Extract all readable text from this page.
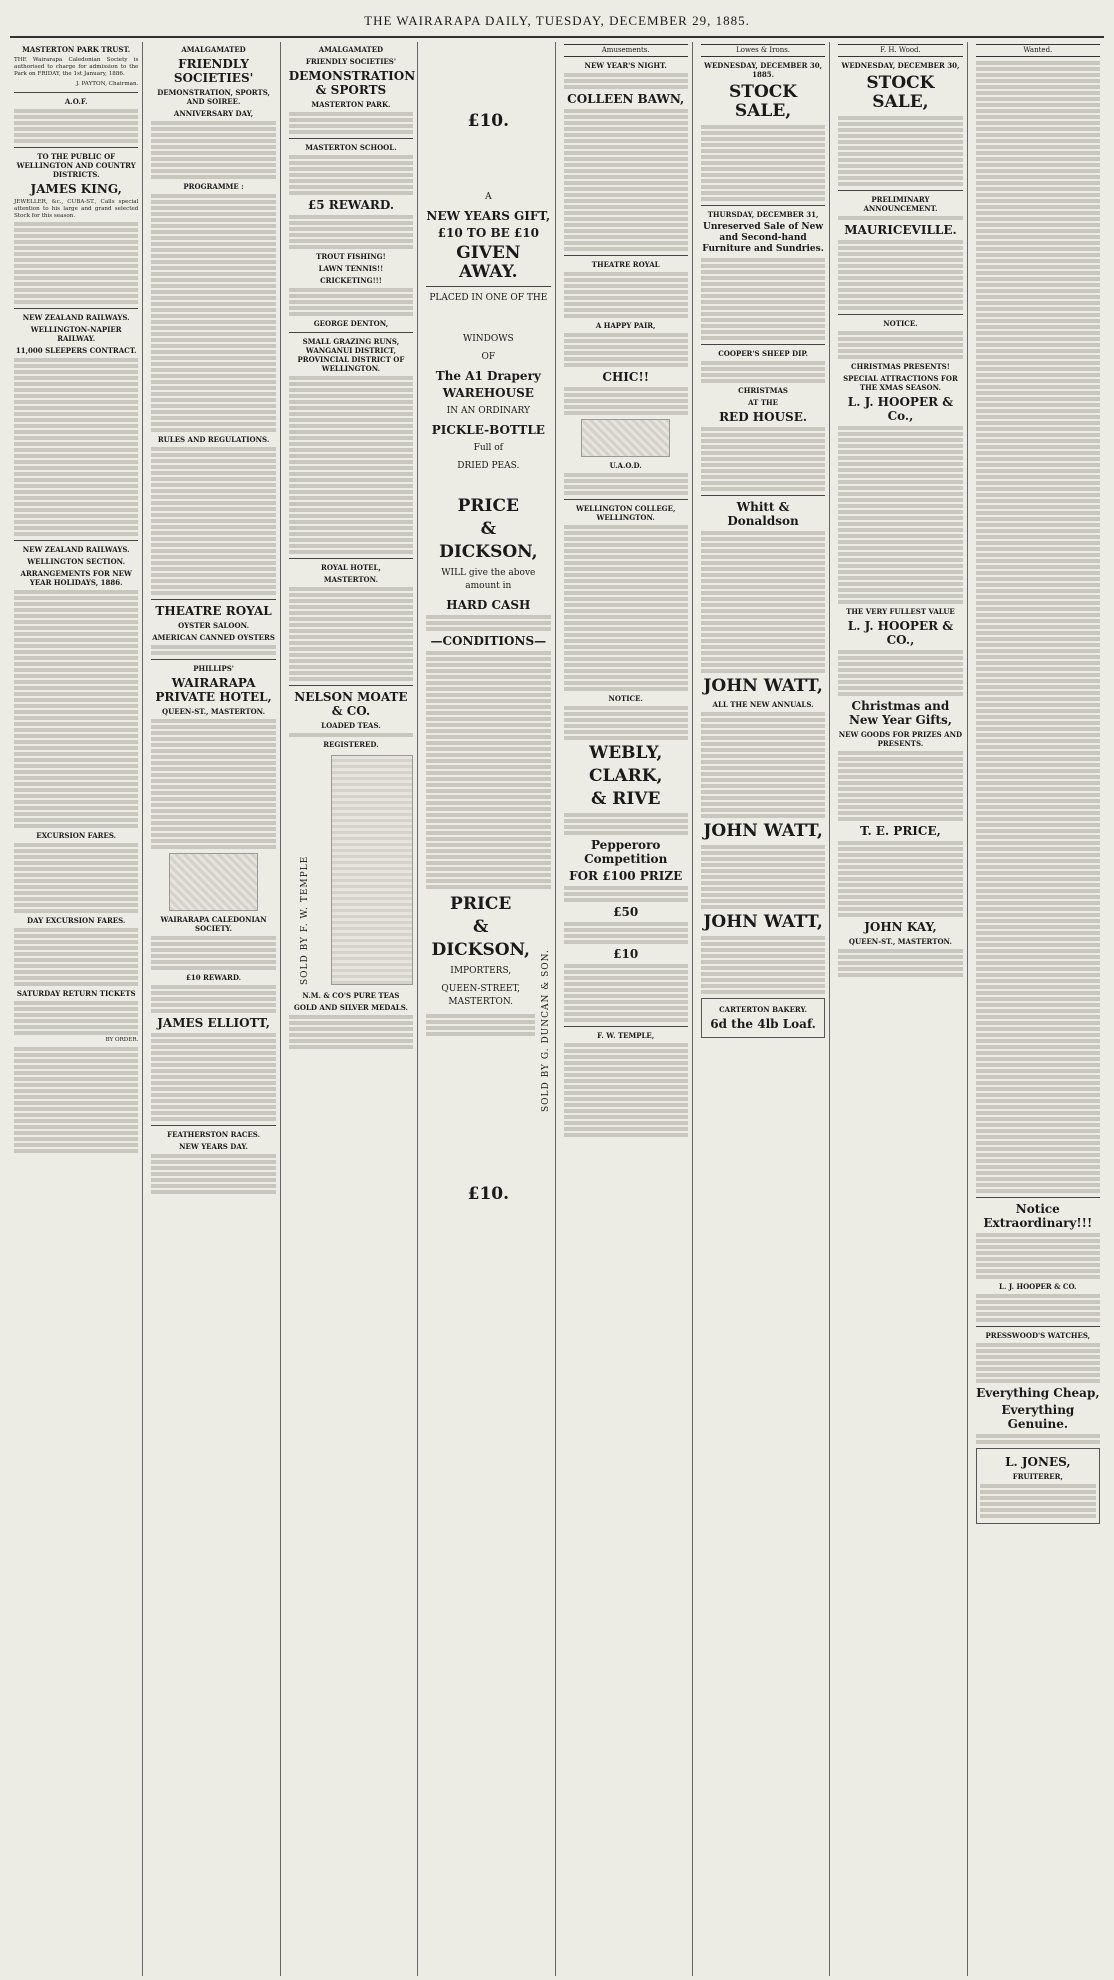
THE WAIRARAPA DAILY, TUESDAY, DECEMBER 29, 1885.
MASTERTON PARK TRUST.
THE Wairarapa Caledonian Society is authorised to charge for admission to the Park on FRIDAY, the 1st January, 1886.
J. PAYTON, Chairman.
A.O.F.
TO THE PUBLIC OF WELLINGTON AND COUNTRY DISTRICTS.
JAMES KING,
JEWELLER, &c., CUBA-ST., Calls special attention to his large and grand selected Stock for this season.
NEW ZEALAND RAILWAYS.
WELLINGTON-NAPIER RAILWAY.
11,000 SLEEPERS CONTRACT.
NEW ZEALAND RAILWAYS.
WELLINGTON SECTION.
ARRANGEMENTS FOR NEW YEAR HOLIDAYS, 1886.
EXCURSION FARES.
DAY EXCURSION FARES.
SATURDAY RETURN TICKETS
BY ORDER.
AMALGAMATED
FRIENDLY SOCIETIES'
DEMONSTRATION, SPORTS, AND SOIREE.
ANNIVERSARY DAY,
PROGRAMME :
RULES AND REGULATIONS.
THEATRE ROYAL
OYSTER SALOON.
AMERICAN CANNED OYSTERS
PHILLIPS'
WAIRARAPA PRIVATE HOTEL,
QUEEN-ST., MASTERTON.
WAIRARAPA CALEDONIAN SOCIETY.
£10 REWARD.
JAMES ELLIOTT,
FEATHERSTON RACES.
NEW YEARS DAY.
AMALGAMATED
FRIENDLY SOCIETIES'
DEMONSTRATION & SPORTS
MASTERTON PARK.
MASTERTON SCHOOL.
£5 REWARD.
TROUT FISHING!
LAWN TENNIS!!
CRICKETING!!!
GEORGE DENTON,
SMALL GRAZING RUNS, WANGANUI DISTRICT, PROVINCIAL DISTRICT OF WELLINGTON.
ROYAL HOTEL,
MASTERTON.
NELSON MOATE & CO.
LOADED TEAS.
REGISTERED.
SOLD BY F. W. TEMPLE
N.M. & CO'S PURE TEAS
GOLD AND SILVER MEDALS.
£10.
A
NEW YEARS GIFT,
£10 TO BE £10
GIVEN AWAY.
PLACED IN ONE OF THE
WINDOWS
OF
The A1 Drapery
WAREHOUSE
IN AN ORDINARY
PICKLE-BOTTLE
Full of
DRIED PEAS.
PRICE
&
DICKSON,
WILL give the above amount in
HARD CASH
—CONDITIONS—
PRICE
&
DICKSON,
IMPORTERS,
QUEEN-STREET, MASTERTON.	SOLD BY G. DUNCAN & SON.
£10.
Amusements.
NEW YEAR'S NIGHT.
COLLEEN BAWN,
THEATRE ROYAL
A HAPPY PAIR,
CHIC!!
U.A.O.D.
WELLINGTON COLLEGE, WELLINGTON.
NOTICE.
WEBLY,
CLARK,
& RIVE
Pepperoro Competition
FOR £100 PRIZE
£50
£10
F. W. TEMPLE,
Lowes & Irons.
WEDNESDAY, DECEMBER 30, 1885.
STOCK SALE,
THURSDAY, DECEMBER 31,
Unreserved Sale of New and Second-hand Furniture and Sundries.
COOPER'S SHEEP DIP.
CHRISTMAS
AT THE
RED HOUSE.
Whitt & Donaldson
JOHN WATT,
ALL THE NEW ANNUALS.
JOHN WATT,
JOHN WATT,
CARTERTON BAKERY.
6d the 4lb Loaf.
F. H. Wood.
WEDNESDAY, DECEMBER 30,
STOCK SALE,
PRELIMINARY ANNOUNCEMENT.
MAURICEVILLE.
NOTICE.
CHRISTMAS PRESENTS!
SPECIAL ATTRACTIONS FOR THE XMAS SEASON.
L. J. HOOPER & Co.,
THE VERY FULLEST VALUE
L. J. HOOPER & CO.,
Christmas and New Year Gifts,
NEW GOODS FOR PRIZES AND PRESENTS.
T. E. PRICE,
JOHN KAY,
QUEEN-ST., MASTERTON.
Wanted.
Notice Extraordinary!!!
L. J. HOOPER & CO.
PRESSWOOD'S WATCHES,
Everything Cheap,
Everything Genuine.
L. JONES,
FRUITERER,
